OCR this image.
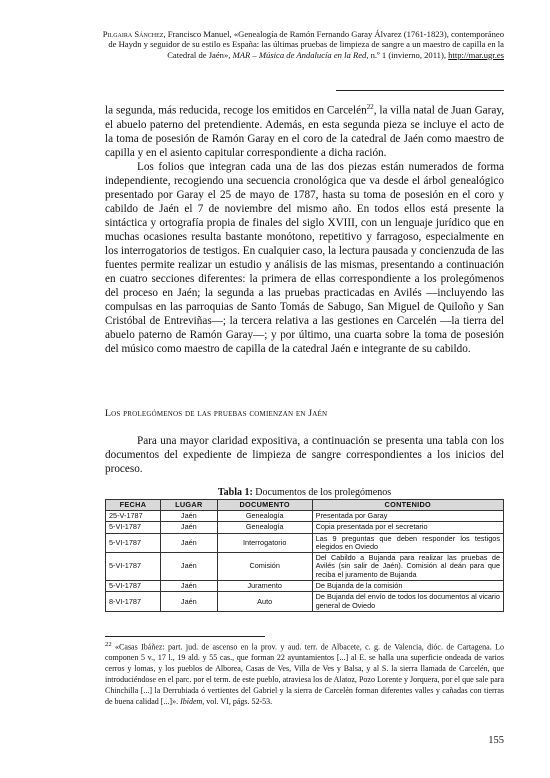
Pilgaira Sánchez, Francisco Manuel, «Genealogía de Ramón Fernando Garay Álvarez (1761-1823), contemporáneo de Haydn y seguidor de su estilo es España: las últimas pruebas de limpieza de sangre a un maestro de capilla en la Catedral de Jaén», MAR – Música de Andalucía en la Red, n.º 1 (invierno, 2011), http://mar.ugr.es

la segunda, más reducida, recoge los emitidos en Carcelén$^{22}$, la villa natal de Juan Garay, el abuelo paterno del pretendiente. Además, en esta segunda pieza se incluye el acto de la toma de posesión de Ramón Garay en el coro de la catedral de Jaén como maestro de capilla y en el asiento capitular correspondiente a dicha ración.

Los folios que integran cada una de las dos piezas están numerados de forma independiente, recogiendo una secuencia cronológica que va desde el árbol genealógico presentado por Garay el 25 de mayo de 1787, hasta su toma de posesión en el coro y cabildo de Jaén el 7 de noviembre del mismo año. En todos ellos está presente la sintáctica y ortografía propia de finales del siglo XVIII, con un lenguaje jurídico que en muchas ocasiones resulta bastante monótono, repetitivo y farragoso, especialmente en los interrogatorios de testigos. En cualquier caso, la lectura pausada y concienzuda de las fuentes permite realizar un estudio y análisis de las mismas, presentando a continuación en cuatro secciones diferentes: la primera de ellas correspondiente a los prolegómenos del proceso en Jaén; la segunda a las pruebas practicadas en Avilés —incluyendo las compulsas en las parroquias de Santo Tomás de Sabugo, San Miguel de Quiloño y San Cristóbal de Entreviñas—; la tercera relativa a las gestiones en Carcelén —la tierra del abuelo paterno de Ramón Garay—; y por último, una cuarta sobre la toma de posesión del músico como maestro de capilla de la catedral Jaén e integrante de su cabildo.

Los prolegómenos de las pruebas comienzan en Jaén
Para una mayor claridad expositiva, a continuación se presenta una tabla con los documentos del expediente de limpieza de sangre correspondientes a los inicios del proceso.
Tabla 1: Documentos de los prolegómenos
FECHA	LUGAR	DOCUMENTO	CONTENIDO
25-V-1787	Jaén	Genealogía	Presentada por Garay
5-VI-1787	Jaén	Genealogía	Copia presentada por el secretario
5-VI-1787	Jaén	Interrogatorio	Las 9 preguntas que deben responder los testigos elegidos en Oviedo
5-VI-1787	Jaén	Comisión	Del Cabildo a Bujanda para realizar las pruebas de Avilés (sin salir de Jaén). Comisión al deán para que reciba el juramento de Bujanda
5-VI-1787	Jaén	Juramento	De Bujanda de la comisión
8-VI-1787	Jaén	Auto	De Bujanda del envío de todos los documentos al vicario general de Oviedo
$^{22}$ «Casas Ibáñez: part. jud. de ascenso en la prov. y aud. terr. de Albacete, c. g. de Valencia, dióc. de Cartagena. Lo componen 5 v., 17 l., 19 ald. y 55 cas., que forman 22 ayuntamientos [...] al E. se halla una superficie ondeada de varios cerros y lomas, y los pueblos de Alborea, Casas de Ves, Villa de Ves y Balsa, y al S. la sierra llamada de Carcelén, que introduciéndose en el parc. por el term. de este pueblo, atraviesa los de Alatoz, Pozo Lorente y Jorquera, por el que sale para Chinchilla [...] la Derrubiada ó vertientes del Gabriel y la sierra de Carcelén forman diferentes valles y cañadas con tierras de buena calidad [...]». Ibídem, vol. VI, págs. 52-53.
155
